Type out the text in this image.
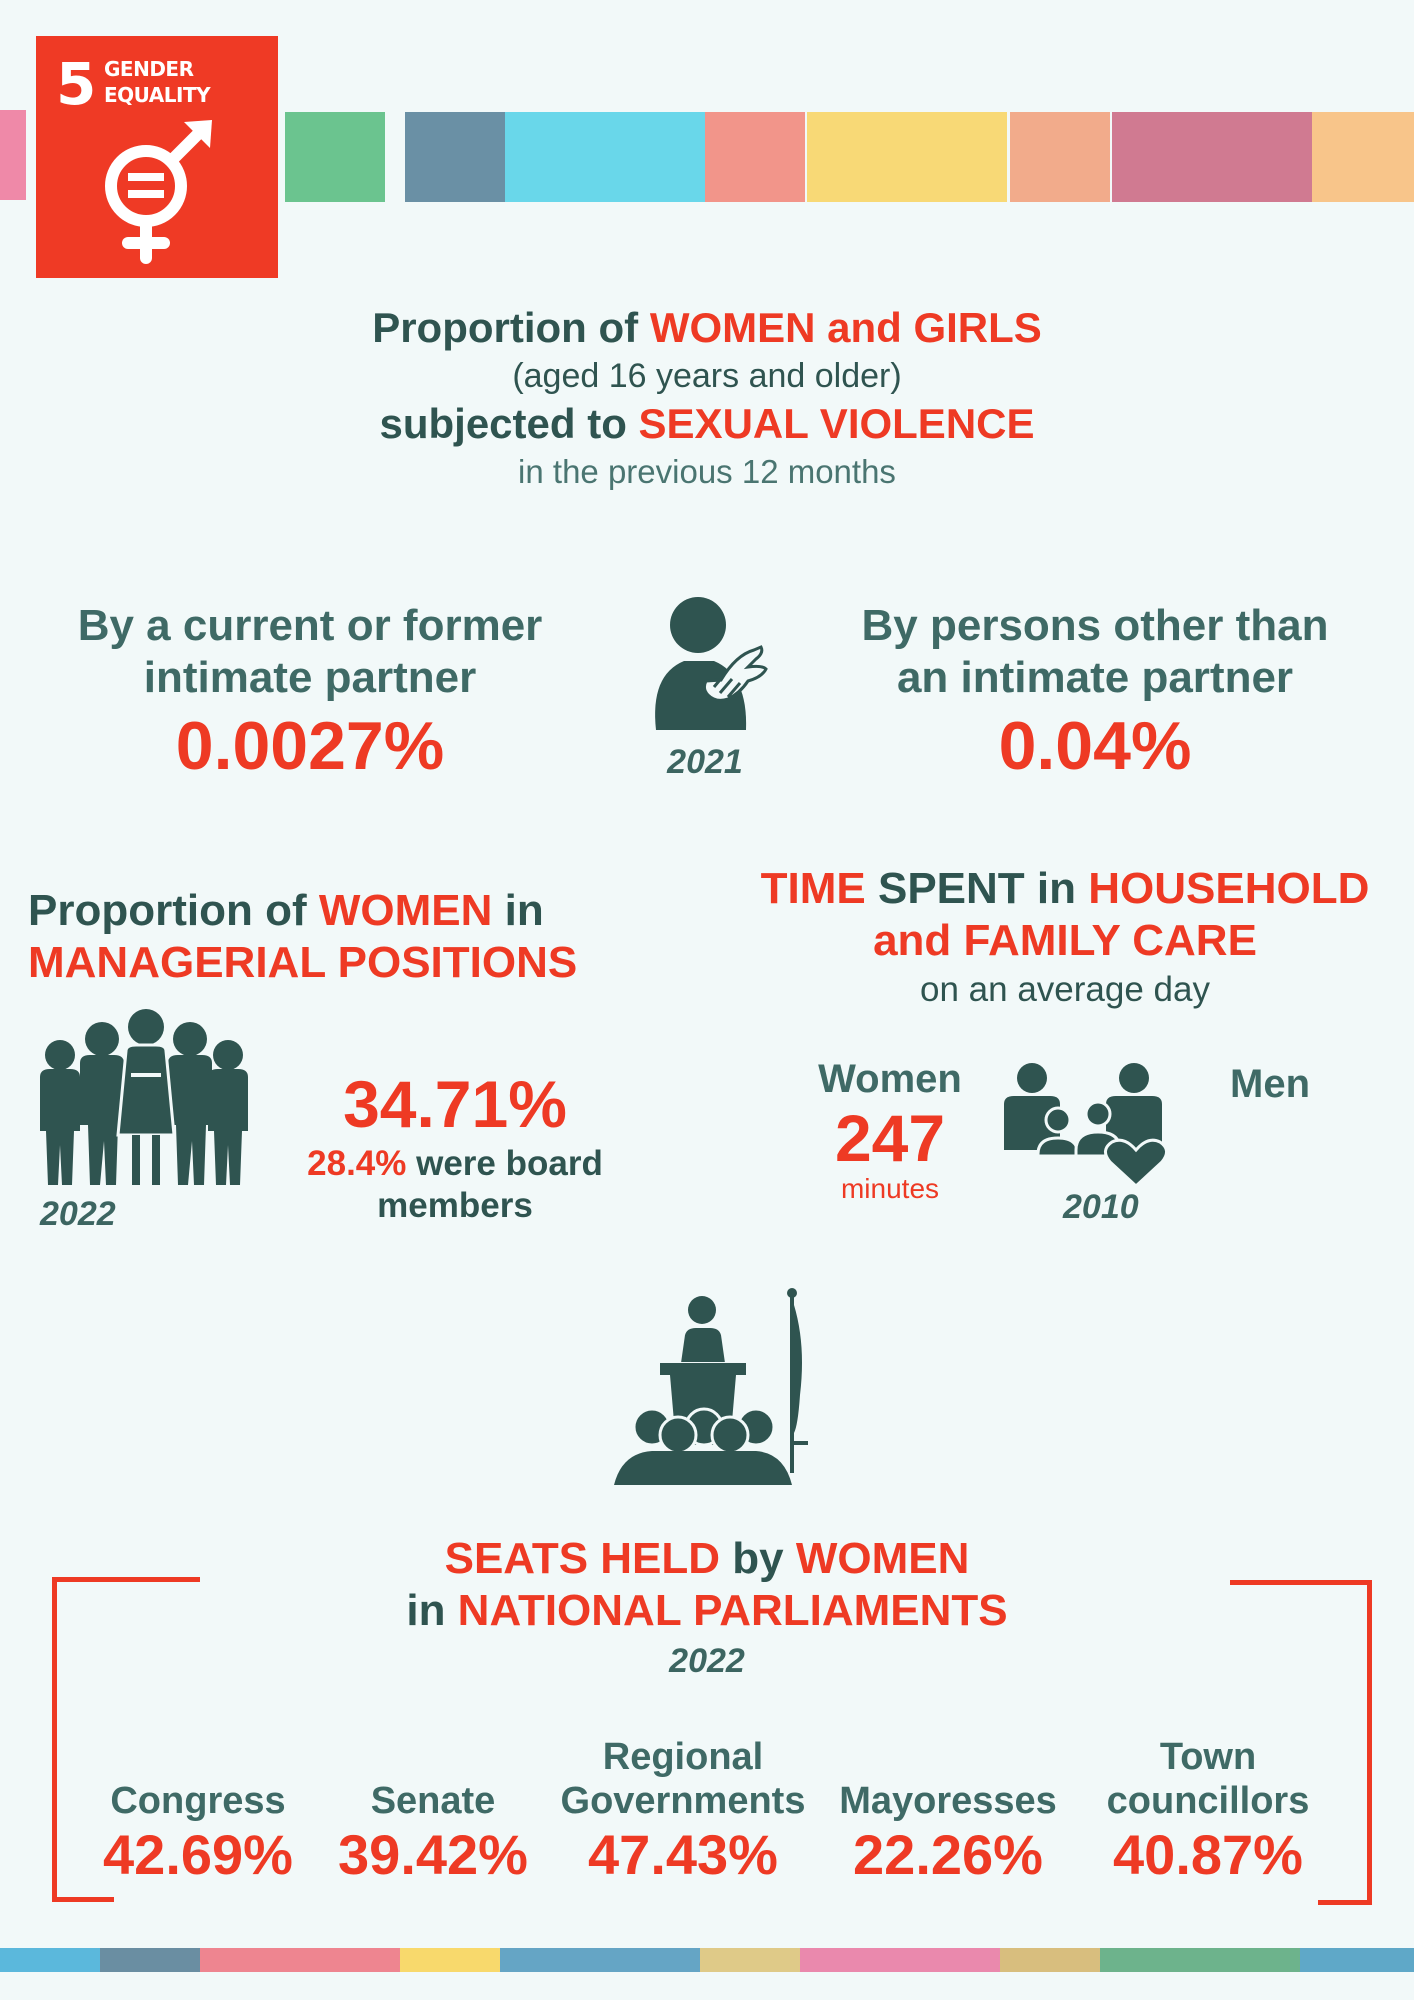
5 GENDER
EQUALITY
Proportion of WOMEN and GIRLS
(aged 16 years and older)
subjected to SEXUAL VIOLENCE
in the previous 12 months
By a current or former
intimate partner
0.0027%	2021
By persons other than
an intimate partner
0.04%
Proportion of WOMEN in
MANAGERIAL POSITIONS
2022
34.71%
28.4% were board
members
TIME SPENT in HOUSEHOLD
and FAMILY CARE
on an average day
Women
247
minutes	2010
Men
SEATS HELD by WOMEN
in NATIONAL PARLIAMENTS
2022
Congress
42.69%
Senate
39.42%
Regional
Governments
47.43%
Mayoresses
22.26%
Town
councillors
40.87%
